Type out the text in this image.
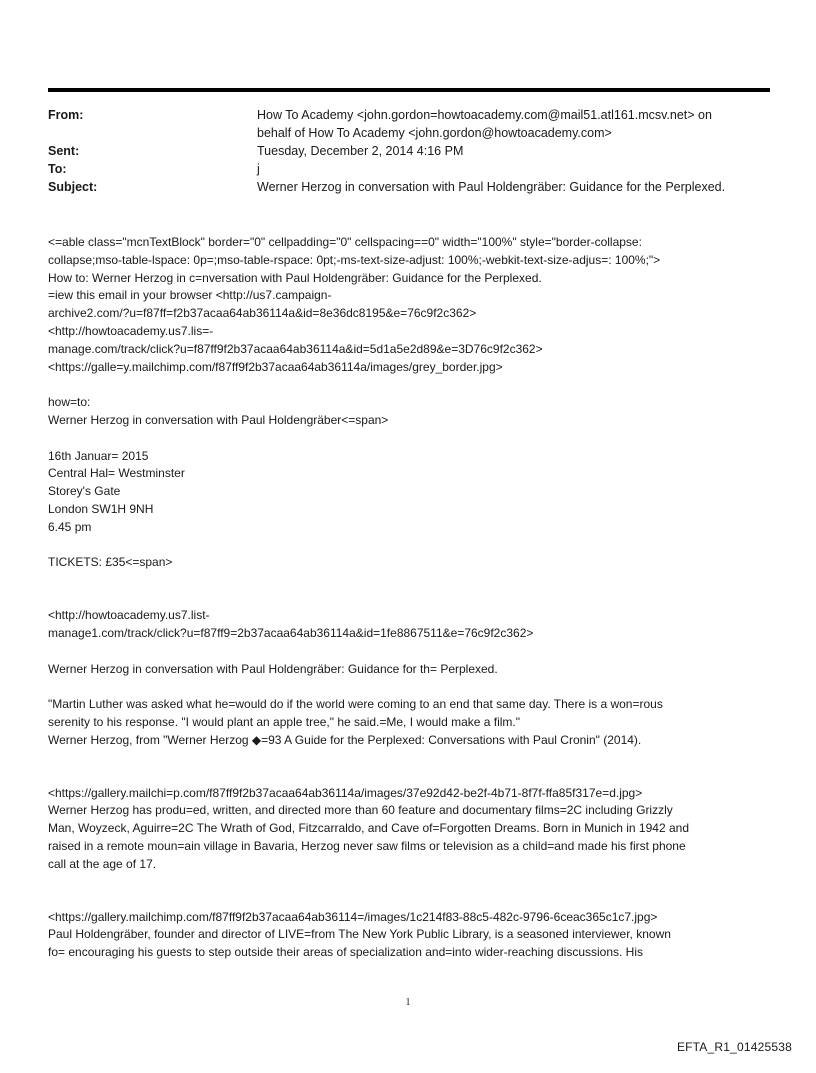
From:	How To Academy <john.gordon=howtoacademy.com@mail51.atl161.mcsv.net> on
behalf of How To Academy <john.gordon@howtoacademy.com>
Sent:	Tuesday, December 2, 2014 4:16 PM
To:	j
Subject:	Werner Herzog in conversation with Paul Holdengräber: Guidance for the Perplexed.

<=able class="mcnTextBlock" border="0" cellpadding="0" cellspacing==0" width="100%" style="border-collapse:

collapse;mso-table-lspace: 0p=;mso-table-rspace: 0pt;-ms-text-size-adjust: 100%;-webkit-text-size-adjus=: 100%;">

How to: Werner Herzog in c=nversation with Paul Holdengräber: Guidance for the Perplexed.

=iew this email in your browser <http://us7.campaign-

archive2.com/?u=f87ff=f2b37acaa64ab36114a&id=8e36dc8195&e=76c9f2c362>

<http://howtoacademy.us7.lis=-

manage.com/track/click?u=f87ff9f2b37acaa64ab36114a&id=5d1a5e2d89&e=3D76c9f2c362>

<https://galle=y.mailchimp.com/f87ff9f2b37acaa64ab36114a/images/grey_border.jpg>

how=to:

Werner Herzog in conversation with Paul Holdengräber<=span>

16th Januar= 2015

Central Hal= Westminster

Storey's Gate

London SW1H 9NH

6.45 pm

TICKETS: £35<=span>

<http://howtoacademy.us7.list-

manage1.com/track/click?u=f87ff9=2b37acaa64ab36114a&id=1fe8867511&e=76c9f2c362>

Werner Herzog in conversation with Paul Holdengräber: Guidance for th= Perplexed.

"Martin Luther was asked what he=would do if the world were coming to an end that same day. There is a won=rous

serenity to his response. "I would plant an apple tree," he said.=Me, I would make a film."

Werner Herzog, from "Werner Herzog ◆=93 A Guide for the Perplexed: Conversations with Paul Cronin" (2014).

<https://gallery.mailchi=p.com/f87ff9f2b37acaa64ab36114a/images/37e92d42-be2f-4b71-8f7f-ffa85f317e=d.jpg>

Werner Herzog has produ=ed, written, and directed more than 60 feature and documentary films=2C including Grizzly

Man, Woyzeck, Aguirre=2C The Wrath of God, Fitzcarraldo, and Cave of=Forgotten Dreams. Born in Munich in 1942 and

raised in a remote moun=ain village in Bavaria, Herzog never saw films or television as a child=and made his first phone

call at the age of 17.

<https://gallery.mailchimp.com/f87ff9f2b37acaa64ab36114=/images/1c214f83-88c5-482c-9796-6ceac365c1c7.jpg>

Paul Holdengräber, founder and director of LIVE=from The New York Public Library, is a seasoned interviewer, known

fo= encouraging his guests to step outside their areas of specialization and=into wider-reaching discussions. His

1
EFTA_R1_01425538
